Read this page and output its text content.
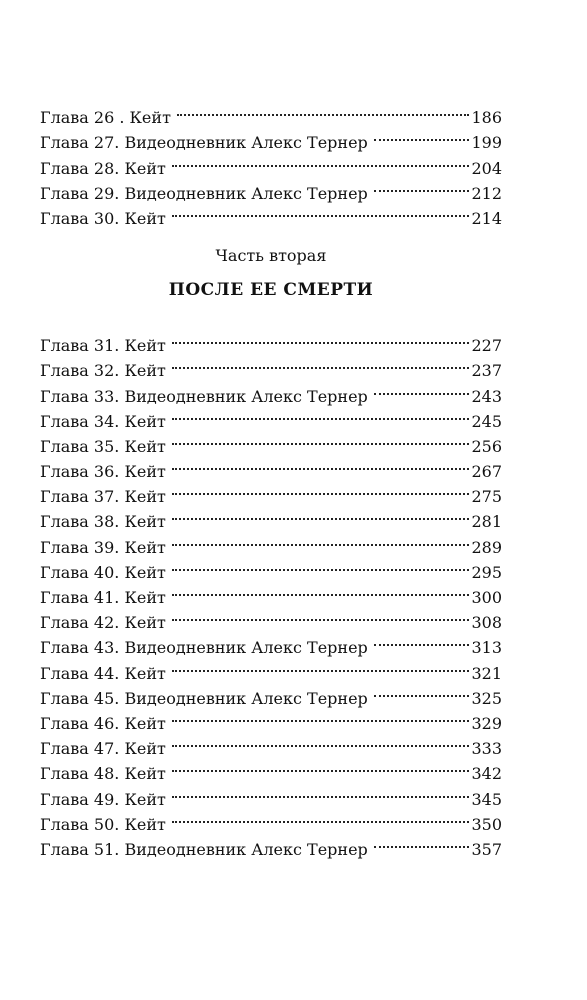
Глава 26 . Кейт	186
Глава 27. Видеодневник Алекс Тернер	199
Глава 28. Кейт	204
Глава 29. Видеодневник Алекс Тернер	212
Глава 30. Кейт	214
Часть вторая
ПОСЛЕ ЕЕ СМЕРТИ
Глава 31. Кейт	227
Глава 32. Кейт	237
Глава 33. Видеодневник Алекс Тернер	243
Глава 34. Кейт	245
Глава 35. Кейт	256
Глава 36. Кейт	267
Глава 37. Кейт	275
Глава 38. Кейт	281
Глава 39. Кейт	289
Глава 40. Кейт	295
Глава 41. Кейт	300
Глава 42. Кейт	308
Глава 43. Видеодневник Алекс Тернер	313
Глава 44. Кейт	321
Глава 45. Видеодневник Алекс Тернер	325
Глава 46. Кейт	329
Глава 47. Кейт	333
Глава 48. Кейт	342
Глава 49. Кейт	345
Глава 50. Кейт	350
Глава 51. Видеодневник Алекс Тернер	357
